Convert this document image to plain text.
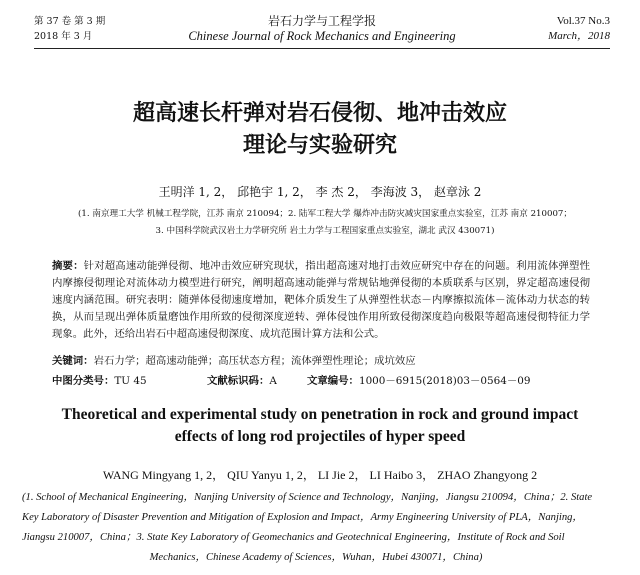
第 37 卷 第 3 期
2018 年 3 月
岩石力学与工程学报
Chinese Journal of Rock Mechanics and Engineering
Vol.37 No.3
March，2018
超高速长杆弹对岩石侵彻、地冲击效应
理论与实验研究
王明洋 1, 2， 邱艳宇 1, 2， 李 杰 2， 李海波 3， 赵章泳 2
(1. 南京理工大学 机械工程学院，江苏 南京 210094；2. 陆军工程大学 爆炸冲击防灾减灾国家重点实验室，江苏 南京 210007；
3. 中国科学院武汉岩土力学研究所 岩土力学与工程国家重点实验室，湖北 武汉 430071)
摘要：针对超高速动能弹侵彻、地冲击效应研究现状，指出超高速对地打击效应研究中存在的问题。利用流体弹塑性内摩擦侵彻理论对流体动力模型进行研究，阐明超高速动能弹与常规钻地弹侵彻的本质联系与区别，界定超高速侵彻速度内涵范围。研究表明：随弹体侵彻速度增加，靶体介质发生了从弹塑性状态－内摩擦拟流体－流体动力状态的转换，从而呈现出弹体质量磨蚀作用所致的侵彻深度逆转、弹体侵蚀作用所致侵彻深度趋向极限等超高速侵彻特征力学现象。此外，还给出岩石中超高速侵彻深度、成坑范围计算方法和公式。
关键词：岩石力学；超高速动能弹；高压状态方程；流体弹塑性理论；成坑效应
中图分类号：TU 45	文献标识码：A	文章编号：1000－6915(2018)03－0564－09
Theoretical and experimental study on penetration in rock and ground impact
effects of long rod projectiles of hyper speed
WANG Mingyang 1, 2， QIU Yanyu 1, 2， LI Jie 2， LI Haibo 3， ZHAO Zhangyong 2
(1. School of Mechanical Engineering，Nanjing University of Science and Technology，Nanjing，Jiangsu 210094，China；2. State
Key Laboratory of Disaster Prevention and Mitigation of Explosion and Impact，Army Engineering University of PLA，Nanjing，
Jiangsu 210007，China；3. State Key Laboratory of Geomechanics and Geotechnical Engineering，Institute of Rock and Soil
Mechanics，Chinese Academy of Sciences，Wuhan，Hubei 430071，China)
